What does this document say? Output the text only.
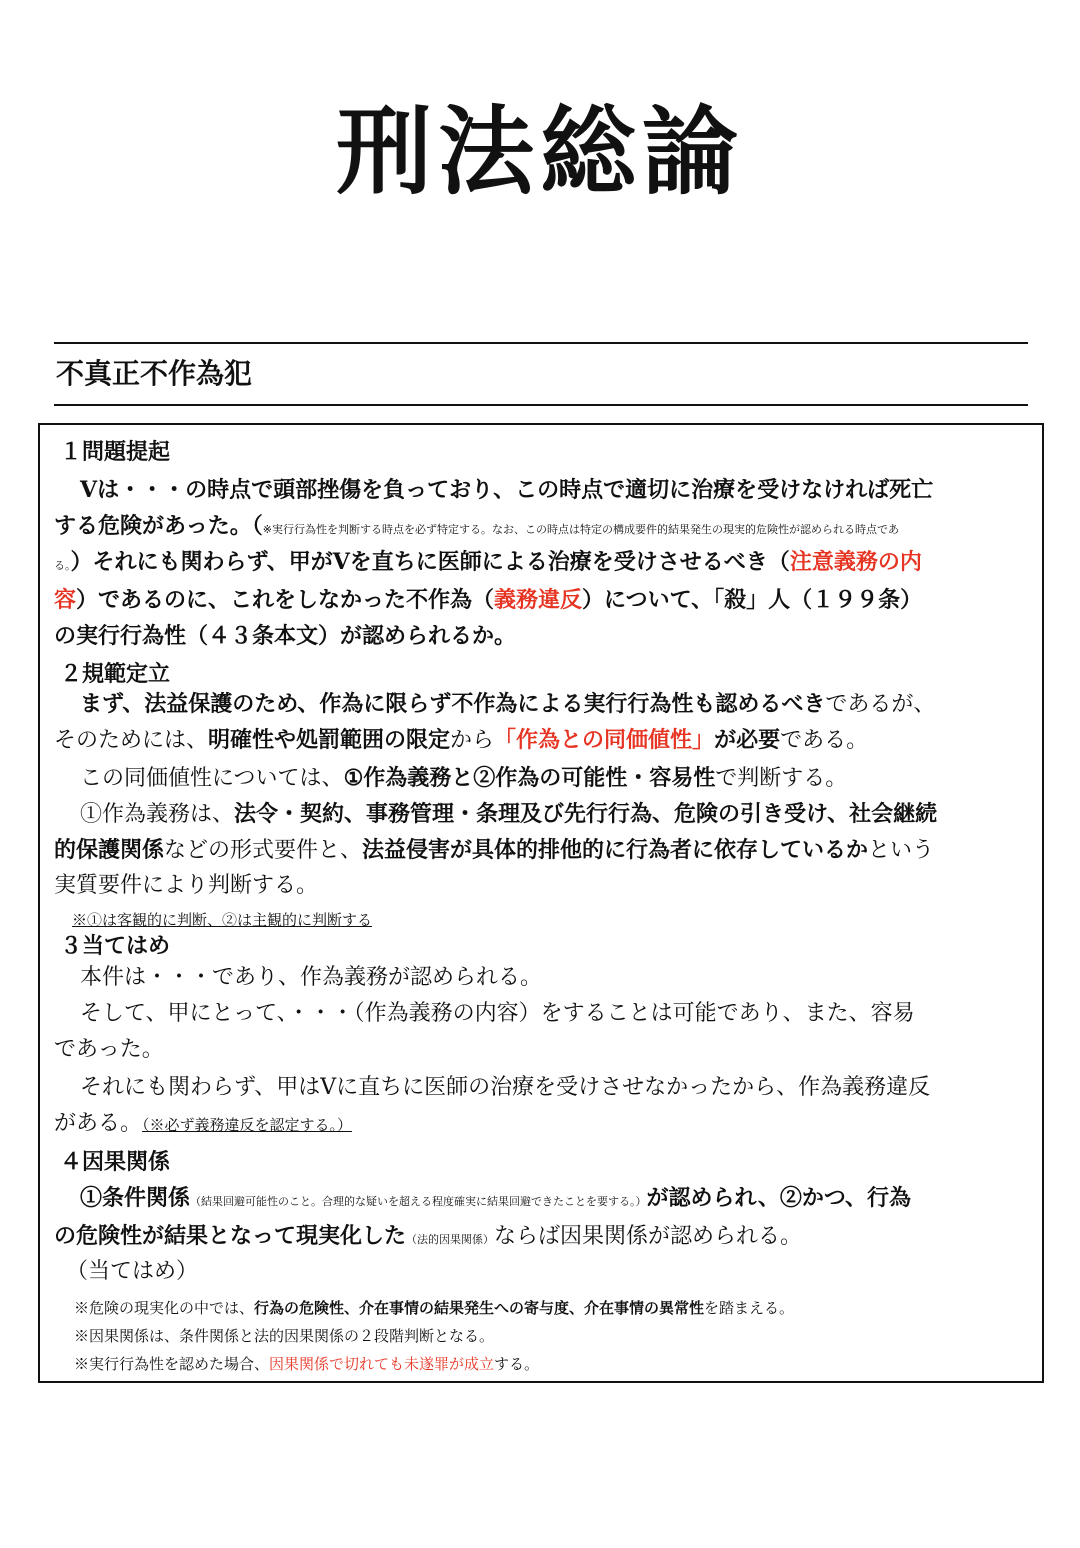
刑法総論
不真正不作為犯
１問題提起
Vは・・・の時点で頭部挫傷を負っており、この時点で適切に治療を受けなければ死亡
する危険があった。（※実行行為性を判断する時点を必ず特定する。なお、この時点は特定の構成要件的結果発生の現実的危険性が認められる時点であ
る。）それにも関わらず、甲がVを直ちに医師による治療を受けさせるべき（注意義務の内
容）であるのに、これをしなかった不作為（義務違反）について、「殺」人（１９９条）
の実行行為性（４３条本文）が認められるか。
２規範定立
まず、法益保護のため、作為に限らず不作為による実行行為性も認めるべきであるが、
そのためには、明確性や処罰範囲の限定から「作為との同価値性」が必要である。
この同価値性については、①作為義務と②作為の可能性・容易性で判断する。
①作為義務は、法令・契約、事務管理・条理及び先行行為、危険の引き受け、社会継続
的保護関係などの形式要件と、法益侵害が具体的排他的に行為者に依存しているかという
実質要件により判断する。
※①は客観的に判断、②は主観的に判断する
３当てはめ
本件は・・・であり、作為義務が認められる。
そして、甲にとって、・・・（作為義務の内容）をすることは可能であり、また、容易
であった。
それにも関わらず、甲はVに直ちに医師の治療を受けさせなかったから、作為義務違反
がある。（※必ず義務違反を認定する。）
４因果関係
①条件関係（結果回避可能性のこと。合理的な疑いを超える程度確実に結果回避できたことを要する。）が認められ、②かつ、行為
の危険性が結果となって現実化した（法的因果関係）ならば因果関係が認められる。
（当てはめ）
※危険の現実化の中では、行為の危険性、介在事情の結果発生への寄与度、介在事情の異常性を踏まえる。
※因果関係は、条件関係と法的因果関係の２段階判断となる。
※実行行為性を認めた場合、因果関係で切れても未遂罪が成立する。
